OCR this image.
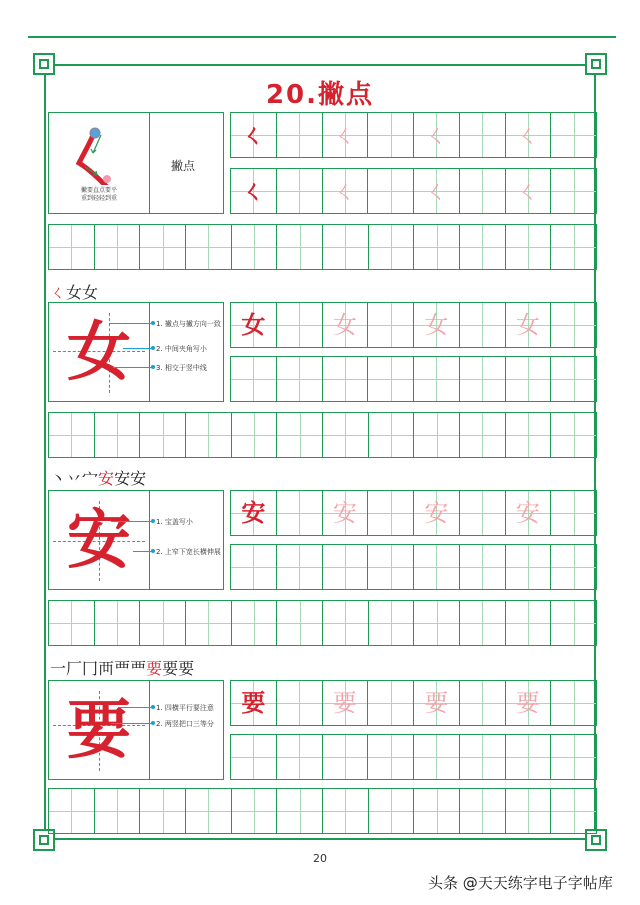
20.撇点
撇要直点要平
重到轻轻到重
撇点
ㄑ	ㄑ	ㄑ	ㄑ
ㄑ	ㄑ	ㄑ	ㄑ
ㄑ女女
女	1. 撇点与撇方向一致
2. 中间夹角写小
3. 相交于竖中线
女	女	女	女
丶丷宀安安安
安	1. 宝盖写小
2. 上窄下宽长横伸展
安	安	安	安
一厂冂襾覀覀要要要
要	1. 四横平行要注意
2. 两竖把口三等分
要	要	要	要
20
头条 @天天练字电子字帖库
